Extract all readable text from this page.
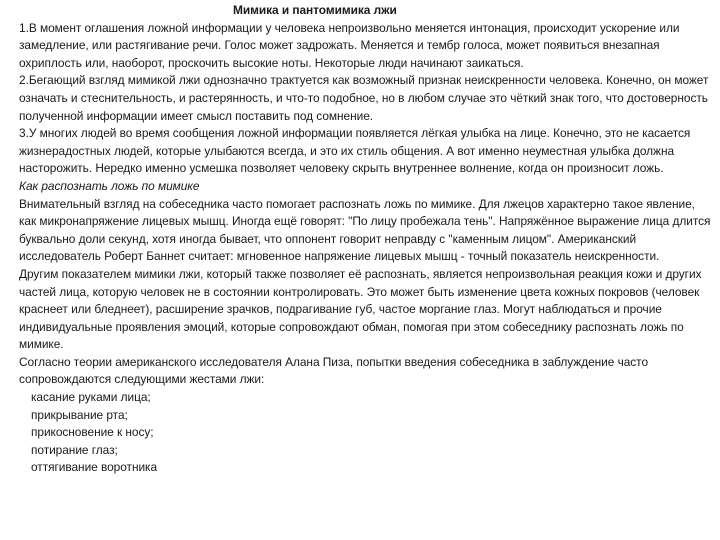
Мимика и пантомимика лжи

1.В момент оглашения ложной информации у человека непроизвольно меняется интонация, происходит ускорение или замедление, или растягивание речи. Голос может задрожать. Меняется и тембр голоса, может появиться внезапная охриплость или, наоборот, проскочить высокие ноты. Некоторые люди начинают заикаться.

2.Бегающий взгляд мимикой лжи однозначно трактуется как возможный признак неискренности человека. Конечно, он может означать и стеснительность, и растерянность, и что-то подобное, но в любом случае это чёткий знак того, что достоверность полученной информации имеет смысл поставить под сомнение.

3.У многих людей во время сообщения ложной информации появляется лёгкая улыбка на лице. Конечно, это не касается жизнерадостных людей, которые улыбаются всегда, и это их стиль общения. А вот именно неуместная улыбка должна насторожить. Нередко именно усмешка позволяет человеку скрыть внутреннее волнение, когда он произносит ложь.

Как распознать ложь по мимике

Внимательный взгляд на собеседника часто помогает распознать ложь по мимике. Для лжецов характерно такое явление, как микронапряжение лицевых мышц. Иногда ещё говорят: "По лицу пробежала тень". Напряжённое выражение лица длится буквально доли секунд, хотя иногда бывает, что оппонент говорит неправду с "каменным лицом". Американский исследователь Роберт Баннет считает: мгновенное напряжение лицевых мышц - точный показатель неискренности.

Другим показателем мимики лжи, который также позволяет её распознать, является непроизвольная реакция кожи и других частей лица, которую человек не в состоянии контролировать. Это может быть изменение цвета кожных покровов (человек краснеет или бледнеет), расширение зрачков, подрагивание губ, частое моргание глаз. Могут наблюдаться и прочие индивидуальные проявления эмоций, которые сопровождают обман, помогая при этом собеседнику распознать ложь по мимике.

Согласно теории американского исследователя Алана Пиза, попытки введения собеседника в заблуждение часто сопровождаются следующими жестами лжи:

касание руками лица;

прикрывание рта;

прикосновение к носу;

потирание глаз;

оттягивание воротника
